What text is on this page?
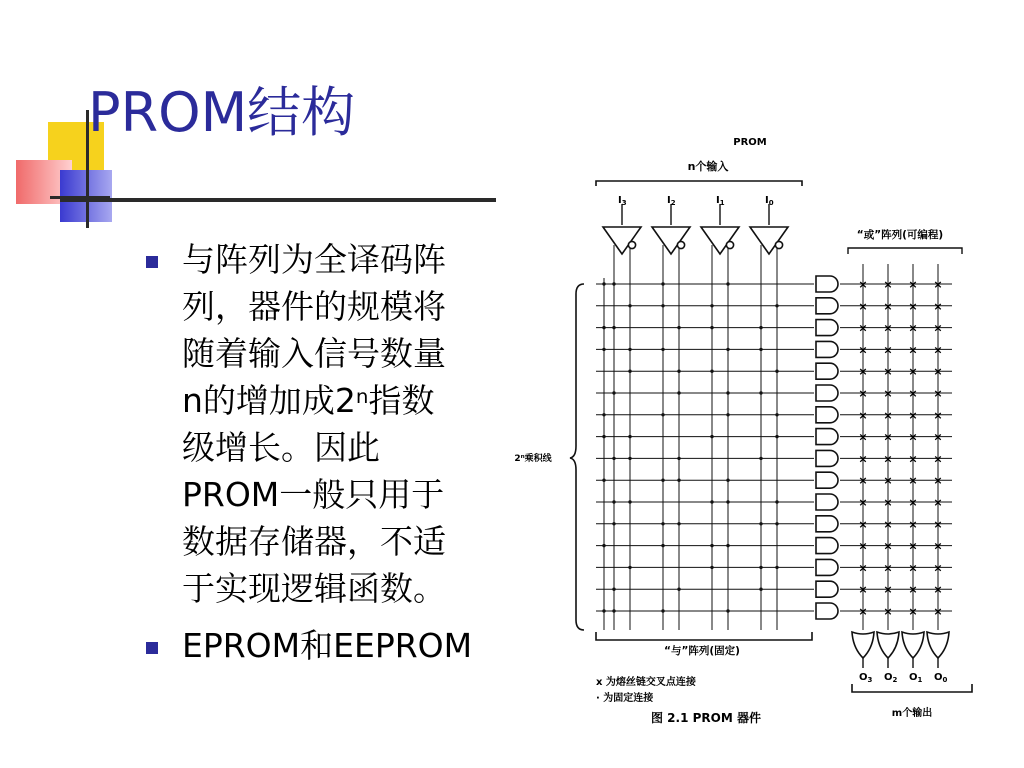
PROM结构

与阵列为全译码阵

列，器件的规模将

随着输入信号数量

n的增加成2$^n$指数

级增长。因此

PROM一般只用于

数据存储器，不适

于实现逻辑函数。

EPROM和EEPROM

× × × ×
× × × ×
× × × ×
× × × ×
× × × ×
× × × ×
× × × ×
× × × ×
× × × ×
× × × ×
× × × ×
× × × ×
× × × ×
× × × ×
× × × ×
× × × ×
PROM
n个输入
$I_3$	$I_2$	$I_1$	$I_0$
“或”阵列(可编程)
2ⁿ乘积线
“与”阵列(固定)
$O_3$ $O_2$ $O_1$ $O_0$
m个输出
x 为熔丝链交叉点连接
· 为固定连接
图 2.1 PROM 器件
